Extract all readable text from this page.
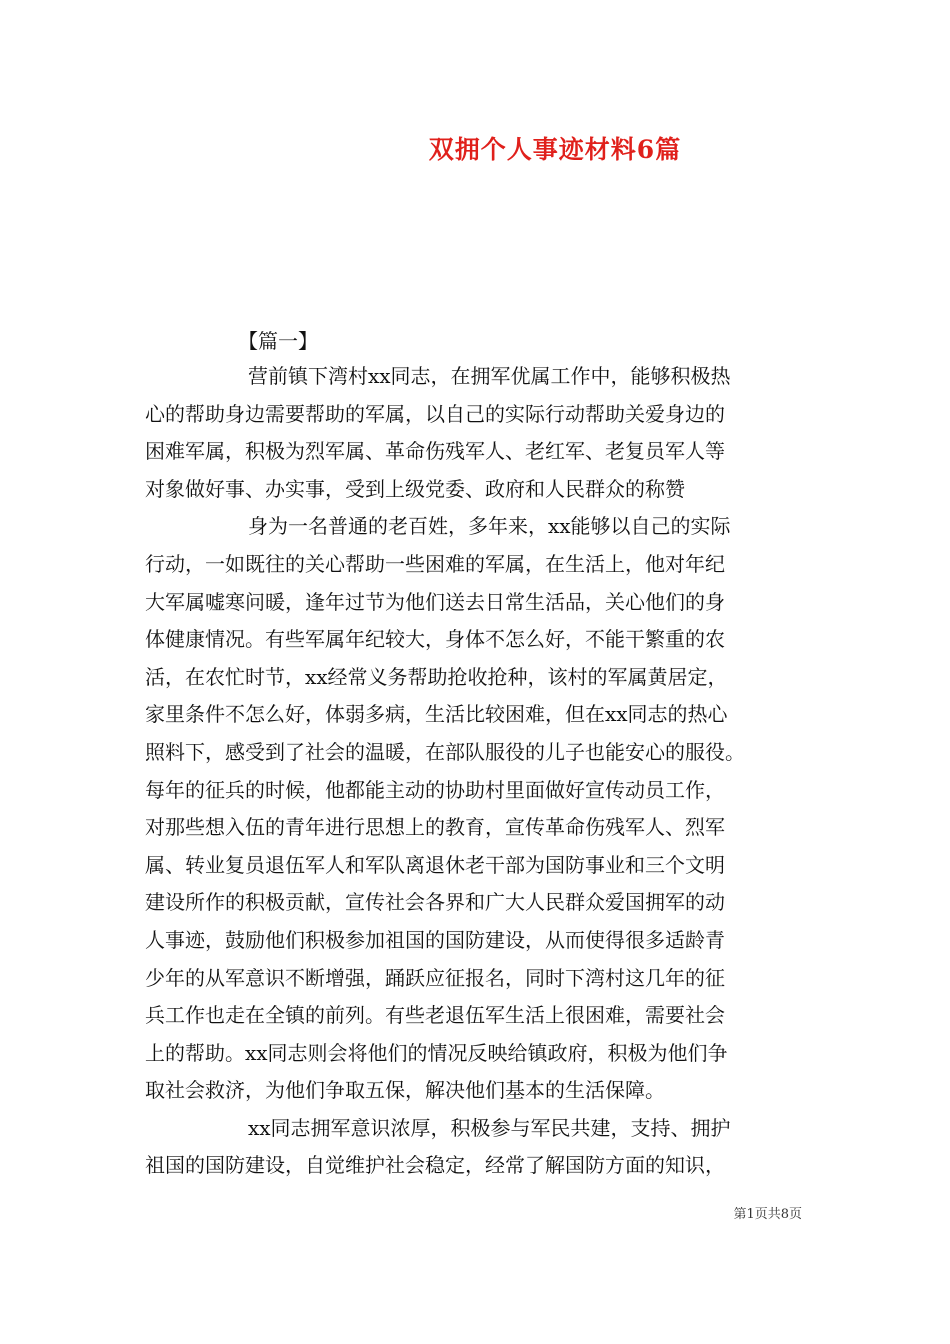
双拥个人事迹材料6篇
【篇一】
营前镇下湾村xx同志，在拥军优属工作中，能够积极热
心的帮助身边需要帮助的军属，以自己的实际行动帮助关爱身边的
困难军属，积极为烈军属、革命伤残军人、老红军、老复员军人等
对象做好事、办实事，受到上级党委、政府和人民群众的称赞
身为一名普通的老百姓，多年来，xx能够以自己的实际
行动，一如既往的关心帮助一些困难的军属，在生活上，他对年纪
大军属嘘寒问暖，逢年过节为他们送去日常生活品，关心他们的身
体健康情况。有些军属年纪较大，身体不怎么好，不能干繁重的农
活，在农忙时节，xx经常义务帮助抢收抢种，该村的军属黄居定，
家里条件不怎么好，体弱多病，生活比较困难，但在xx同志的热心
照料下，感受到了社会的温暖，在部队服役的儿子也能安心的服役。
每年的征兵的时候，他都能主动的协助村里面做好宣传动员工作，
对那些想入伍的青年进行思想上的教育，宣传革命伤残军人、烈军
属、转业复员退伍军人和军队离退休老干部为国防事业和三个文明
建设所作的积极贡献，宣传社会各界和广大人民群众爱国拥军的动
人事迹，鼓励他们积极参加祖国的国防建设，从而使得很多适龄青
少年的从军意识不断增强，踊跃应征报名，同时下湾村这几年的征
兵工作也走在全镇的前列。有些老退伍军生活上很困难，需要社会
上的帮助。xx同志则会将他们的情况反映给镇政府，积极为他们争
取社会救济，为他们争取五保，解决他们基本的生活保障。
xx同志拥军意识浓厚，积极参与军民共建，支持、拥护
祖国的国防建设，自觉维护社会稳定，经常了解国防方面的知识，
第1页共8页
